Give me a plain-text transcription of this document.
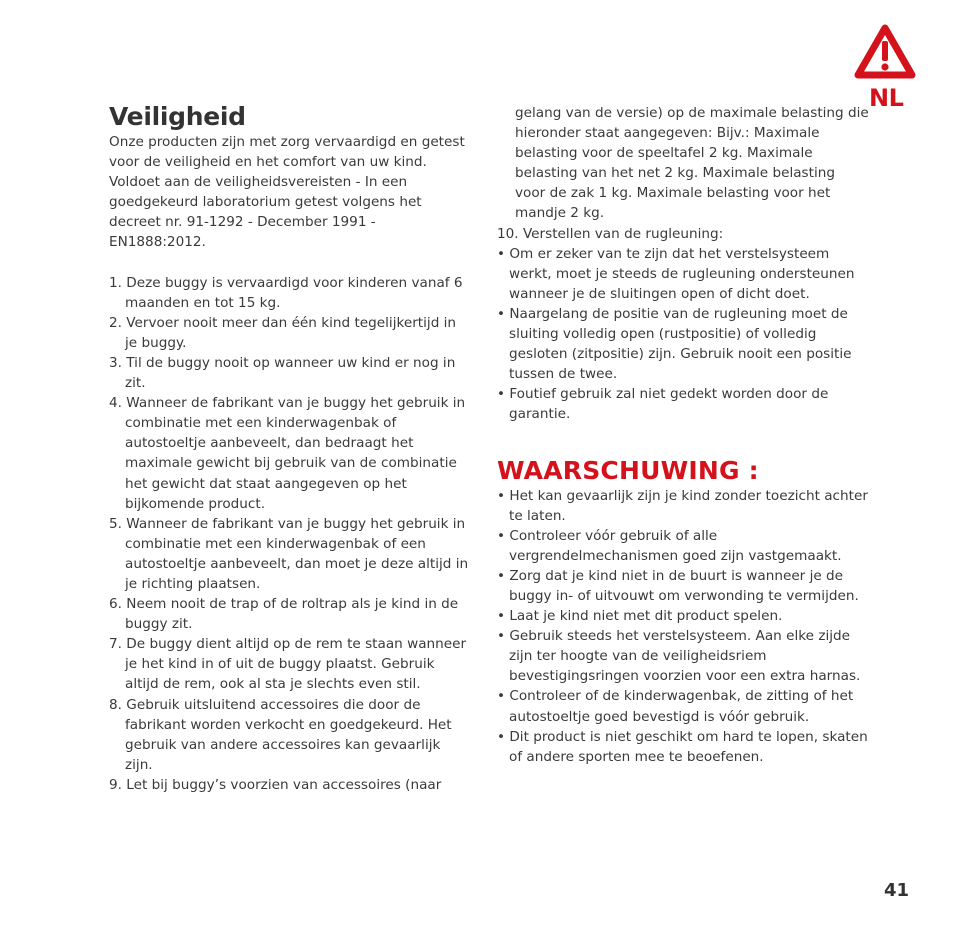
NL
Veiligheid

Onze producten zijn met zorg vervaardigd en getest voor de veiligheid en het comfort van uw kind. Voldoet aan de veiligheidsvereisten - In een goedgekeurd laboratorium getest volgens het decreet nr. 91-1292 - December 1991 - EN1888:2012.

1. Deze buggy is vervaardigd voor kinderen vanaf 6 maanden en tot 15 kg.

2. Vervoer nooit meer dan één kind tegelijkertijd in je buggy.

3. Til de buggy nooit op wanneer uw kind er nog in zit.

4. Wanneer de fabrikant van je buggy het gebruik in combinatie met een kinderwagenbak of autostoeltje aanbeveelt, dan bedraagt het maximale gewicht bij gebruik van de combinatie het gewicht dat staat aangegeven op het bijkomende product.

5. Wanneer de fabrikant van je buggy het gebruik in combinatie met een kinderwagenbak of een autostoeltje aanbeveelt, dan moet je deze altijd in je richting plaatsen.

6. Neem nooit de trap of de roltrap als je kind in de buggy zit.

7. De buggy dient altijd op de rem te staan wanneer je het kind in of uit de buggy plaatst. Gebruik altijd de rem, ook al sta je slechts even stil.

8. Gebruik uitsluitend accessoires die door de fabrikant worden verkocht en goedgekeurd. Het gebruik van andere accessoires kan gevaarlijk zijn.

9. Let bij buggy’s voorzien van accessoires (naar

gelang van de versie) op de maximale belasting die hieronder staat aangegeven: Bijv.: Maximale belasting voor de speeltafel 2 kg. Maximale belasting van het net 2 kg. Maximale belasting voor de zak 1 kg. Maximale belasting voor het mandje 2 kg.

10. Verstellen van de rugleuning:

• Om er zeker van te zijn dat het verstelsysteem werkt, moet je steeds de rugleuning ondersteunen wanneer je de sluitingen open of dicht doet.

• Naargelang de positie van de rugleuning moet de sluiting volledig open (rustpositie) of volledig gesloten (zitpositie) zijn. Gebruik nooit een positie tussen de twee.

• Foutief gebruik zal niet gedekt worden door de garantie.

WAARSCHUWING :

• Het kan gevaarlijk zijn je kind zonder toezicht achter te laten.

• Controleer vóór gebruik of alle vergrendelmechanismen goed zijn vastgemaakt.

• Zorg dat je kind niet in de buurt is wanneer je de buggy in- of uitvouwt om verwonding te vermijden.

• Laat je kind niet met dit product spelen.

• Gebruik steeds het verstelsysteem. Aan elke zijde zijn ter hoogte van de veiligheidsriem bevestigingsringen voorzien voor een extra harnas.

• Controleer of de kinderwagenbak, de zitting of het autostoeltje goed bevestigd is vóór gebruik.

• Dit product is niet geschikt om hard te lopen, skaten of andere sporten mee te beoefenen.

41
